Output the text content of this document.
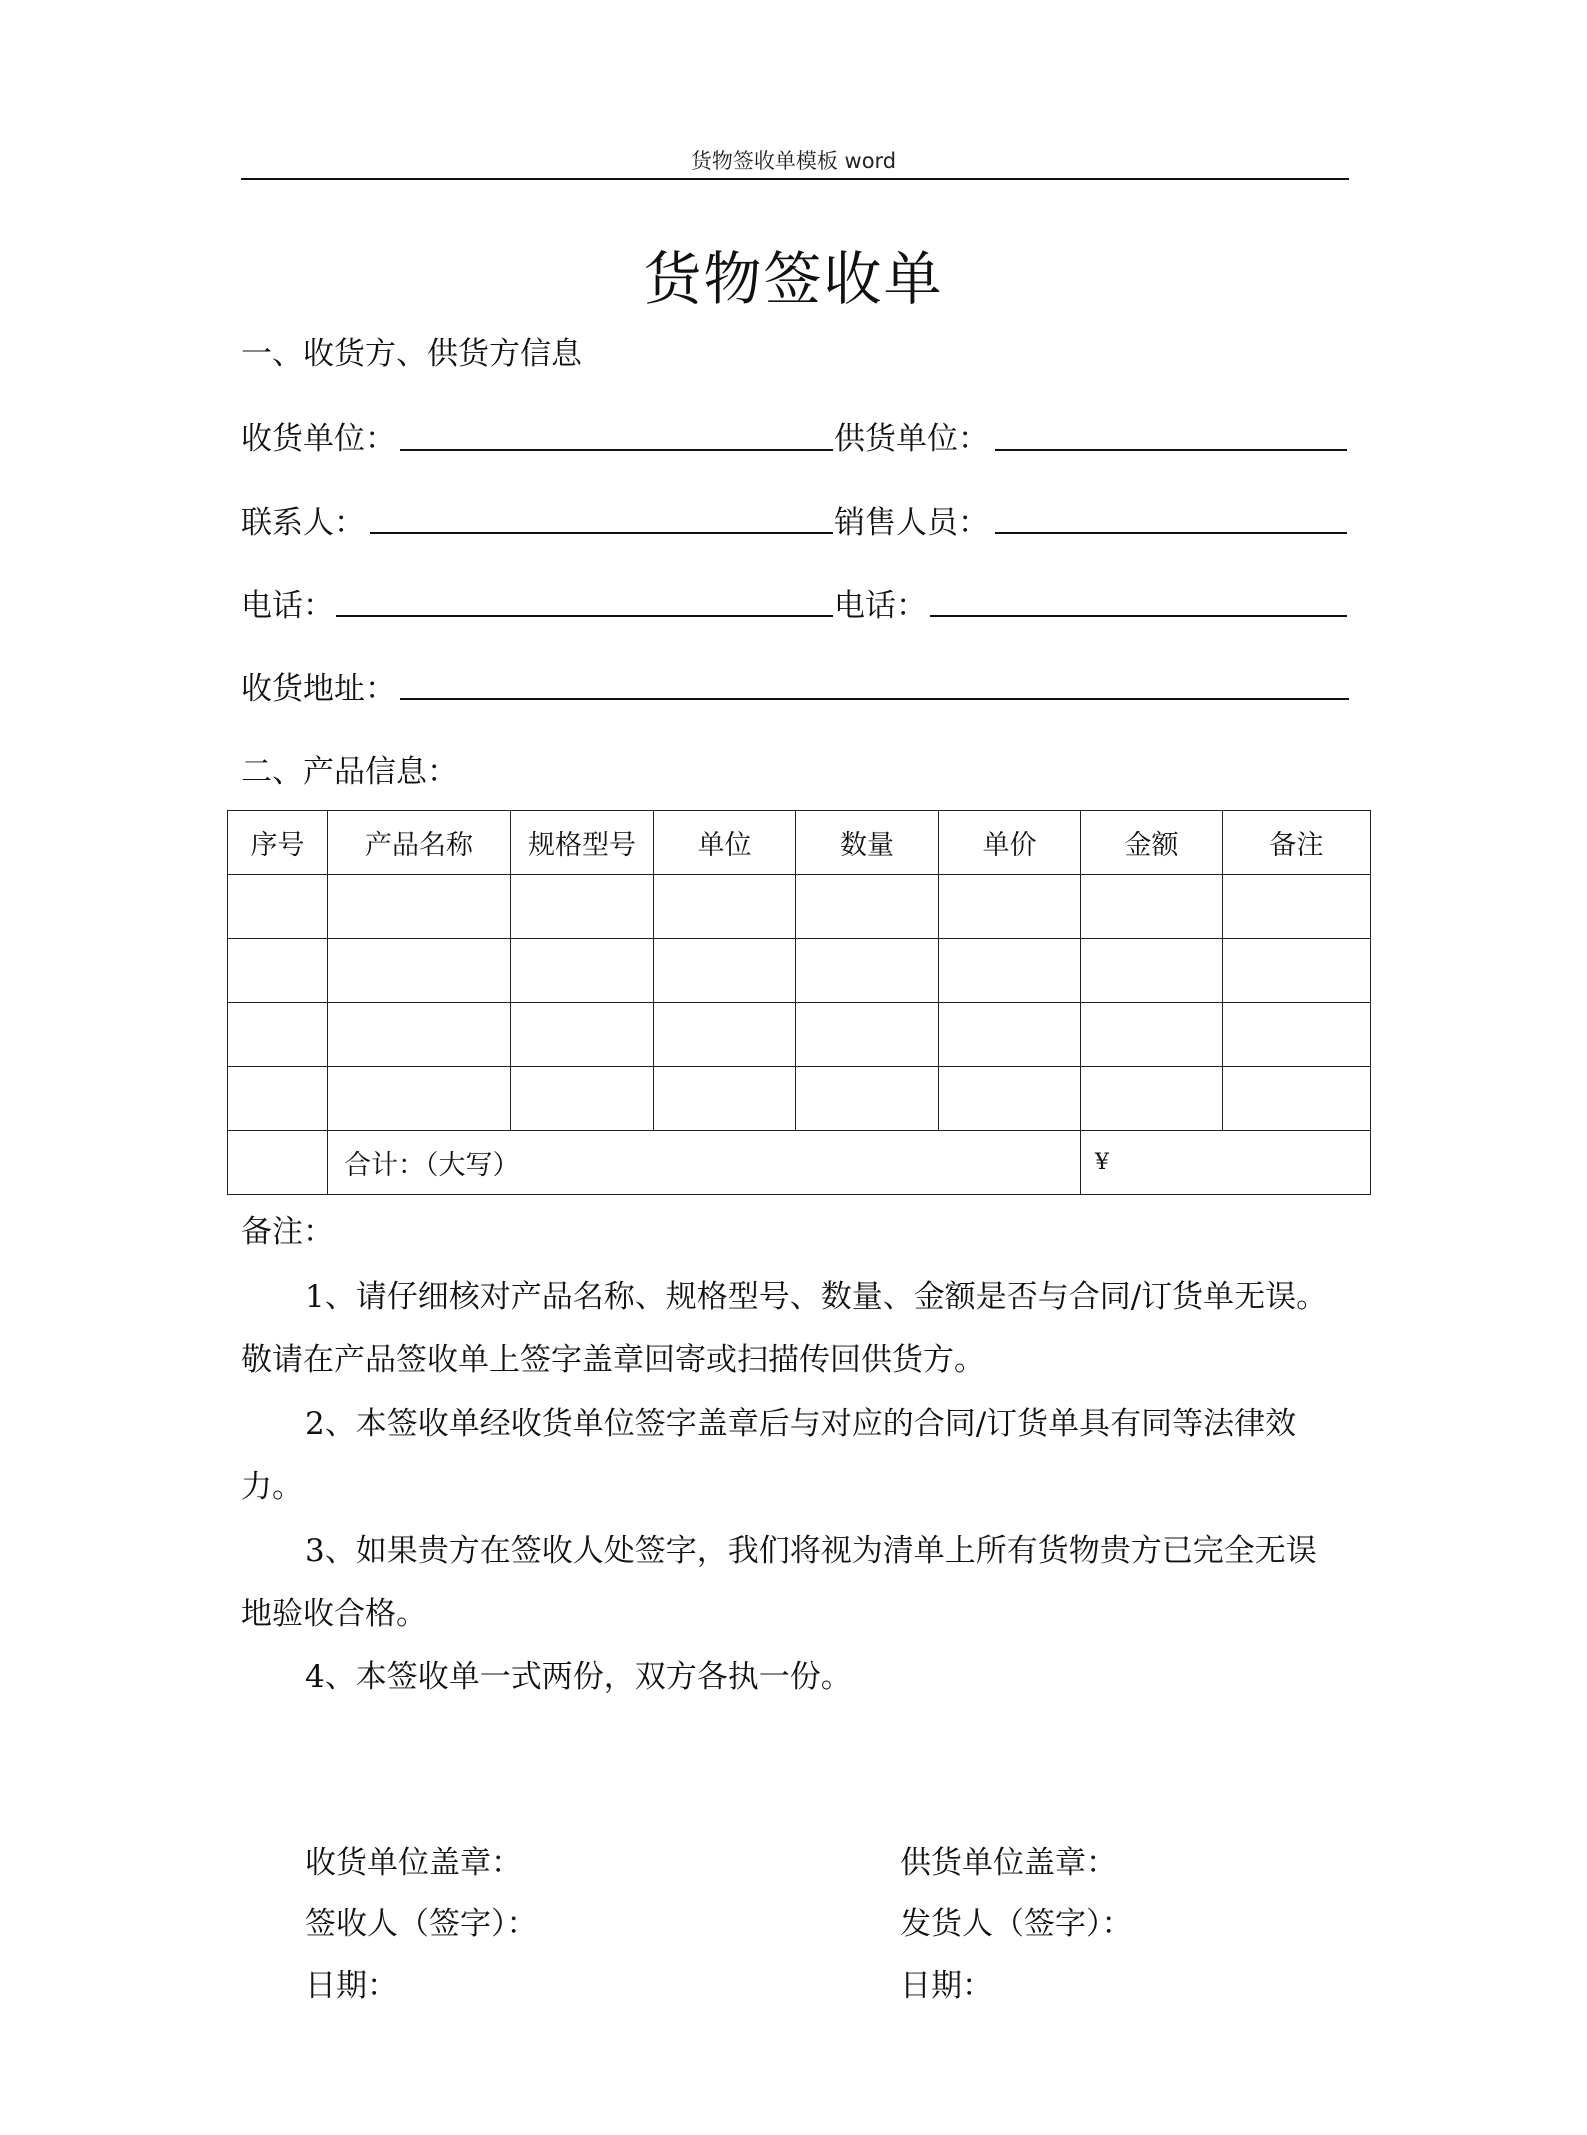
货物签收单模板 word
货物签收单
一、收货方、供货方信息
收货单位：	供货单位：
联系人：	销售人员：
电话：	电话：
收货地址：
二、产品信息：
序号	产品名称	规格型号	单位	数量	单价	金额	备注

	合计：（大写）					¥	
备注：
1、请仔细核对产品名称、规格型号、数量、金额是否与合同/订货单无误。
敬请在产品签收单上签字盖章回寄或扫描传回供货方。
2、本签收单经收货单位签字盖章后与对应的合同/订货单具有同等法律效
力。
3、如果贵方在签收人处签字，我们将视为清单上所有货物贵方已完全无误
地验收合格。
4、本签收单一式两份，双方各执一份。
收货单位盖章：	供货单位盖章：
签收人（签字）：	发货人（签字）：
日期：	日期：
